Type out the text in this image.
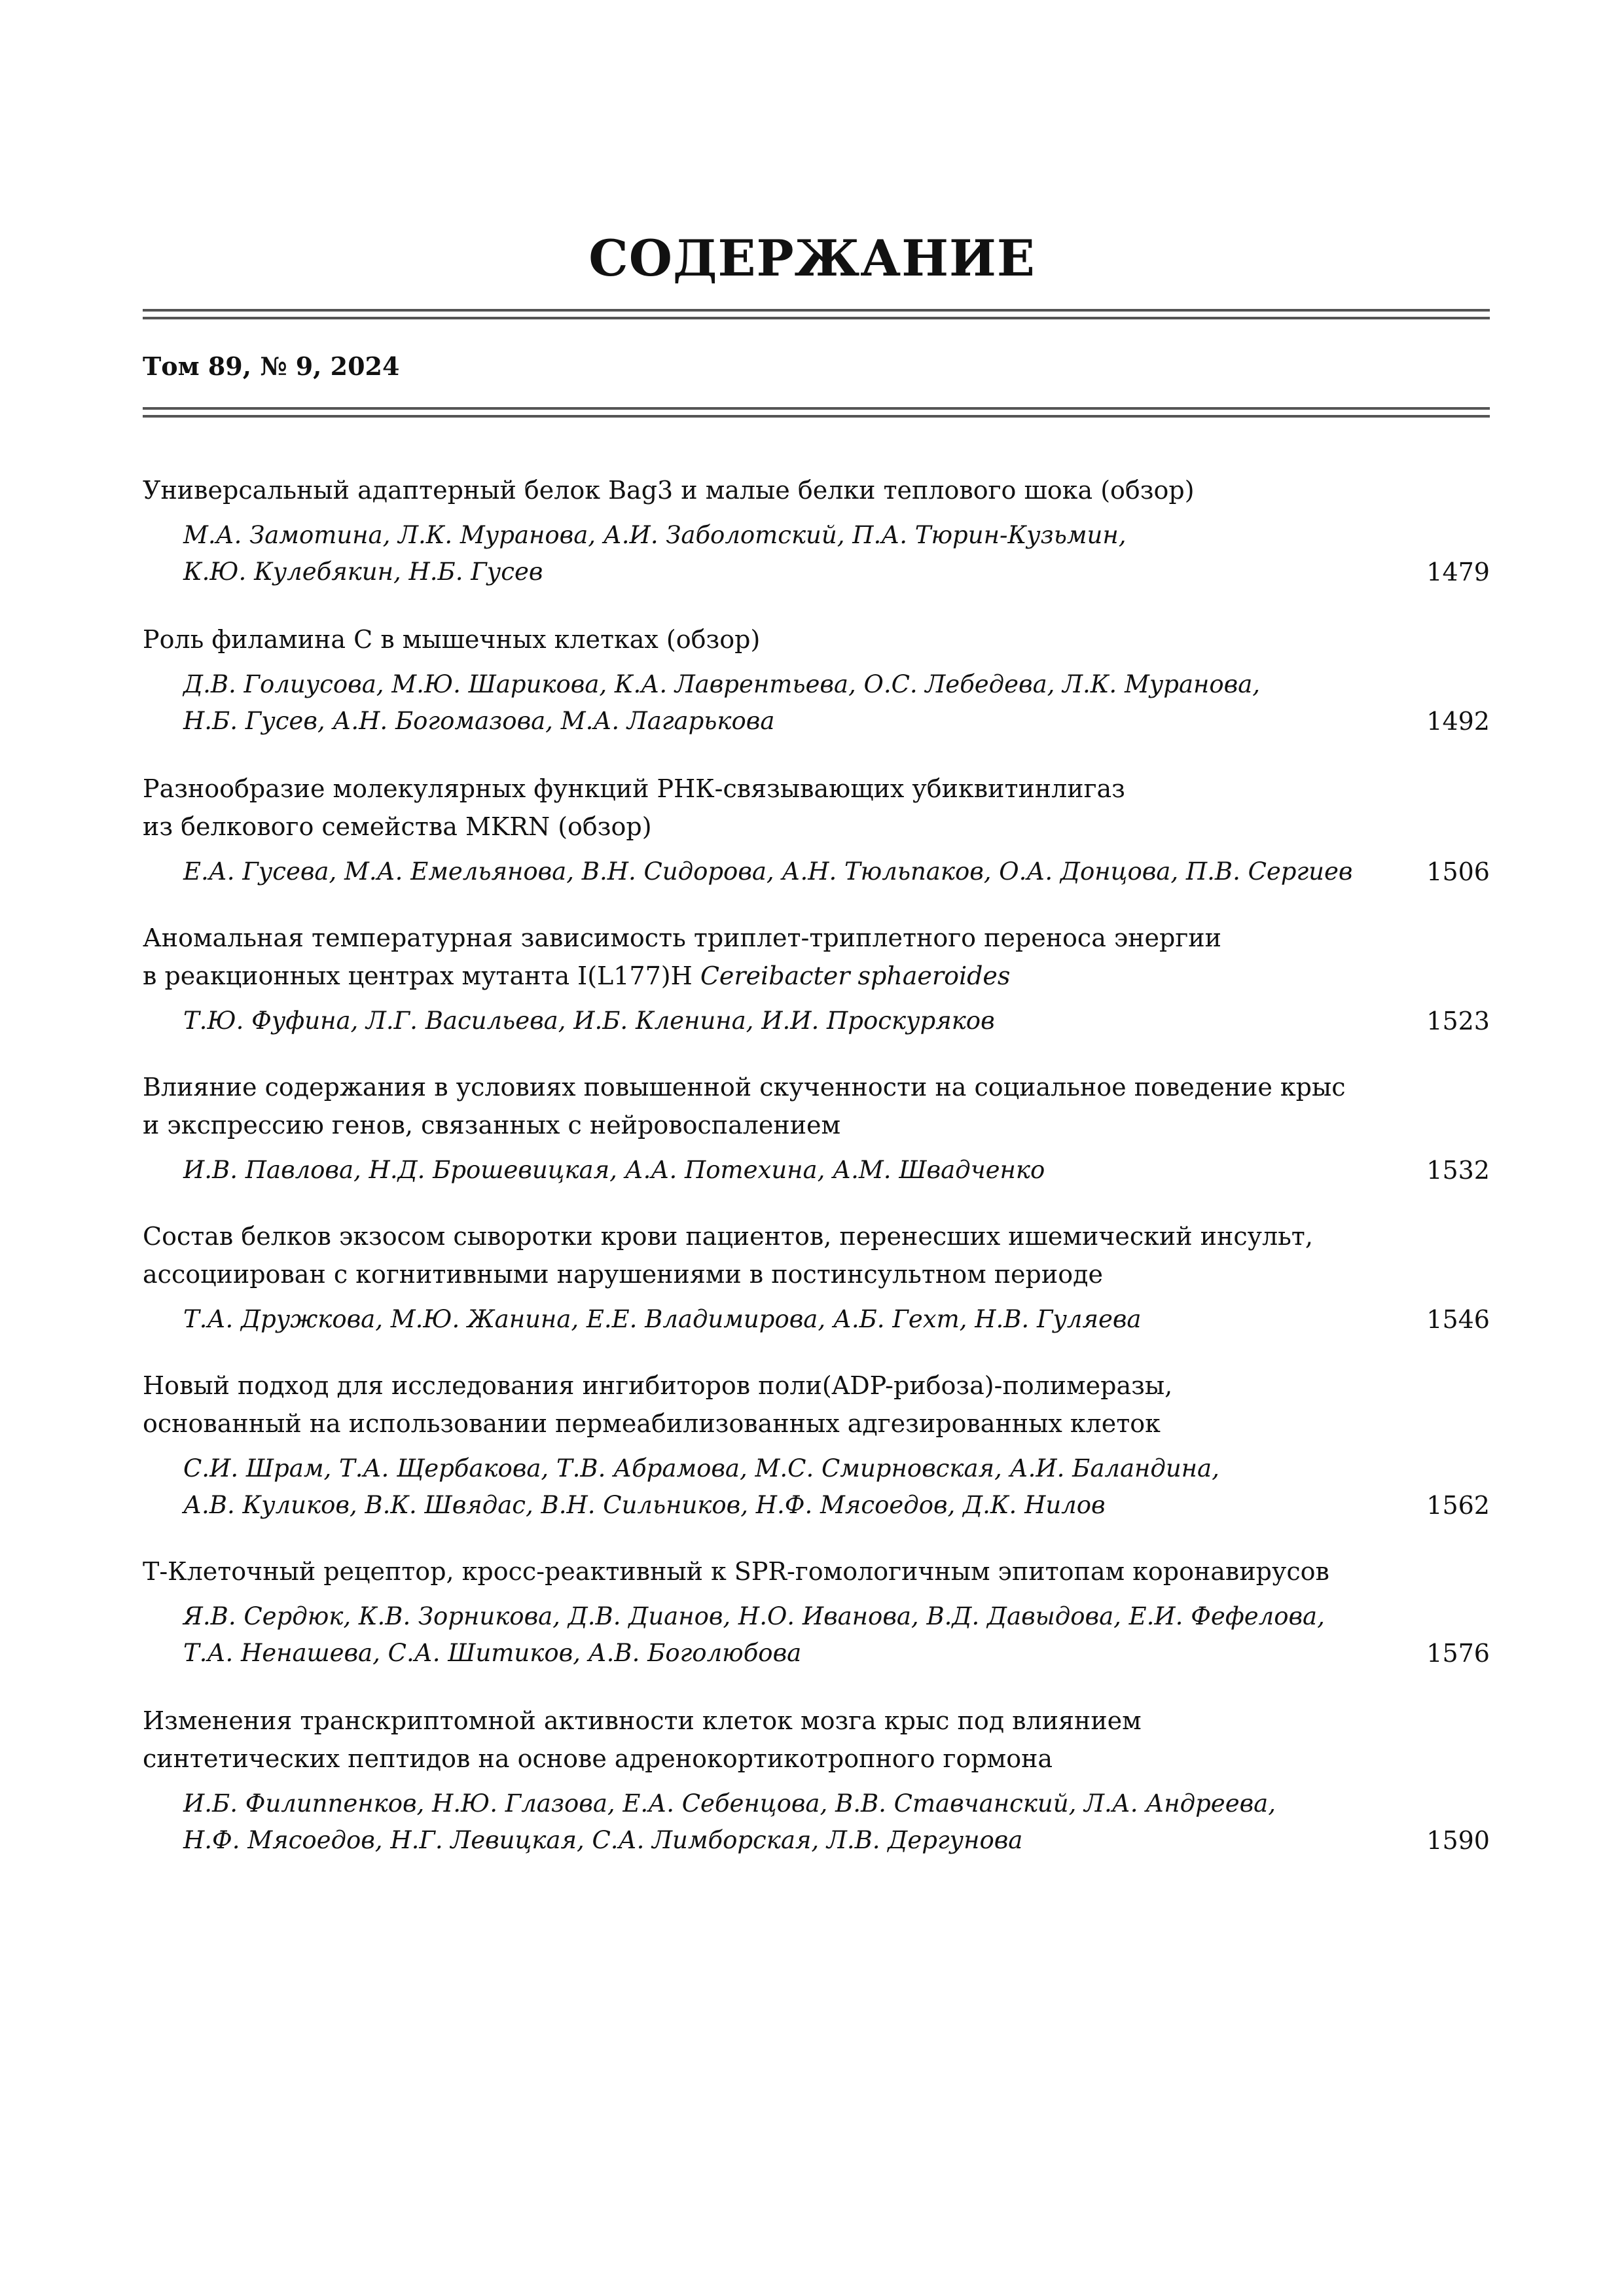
СОДЕРЖАНИЕ
Том 89, № 9, 2024
Универсальный адаптерный белок Bag3 и малые белки теплового шока (обзор)
М.А. Замотина, Л.К. Муранова, А.И. Заболотский, П.А. Тюрин-Кузьмин,
К.Ю. Кулебякин, Н.Б. Гусев	1479
Роль филамина С в мышечных клетках (обзор)
Д.В. Голиусова, М.Ю. Шарикова, К.А. Лаврентьева, О.С. Лебедева, Л.К. Муранова,
Н.Б. Гусев, А.Н. Богомазова, М.А. Лагарькова	1492
Разнообразие молекулярных функций РНК-связывающих убиквитинлигаз
из белкового семейства MKRN (обзор)
Е.А. Гусева, М.А. Емельянова, В.Н. Сидорова, А.Н. Тюльпаков, О.А. Донцова, П.В. Сергиев	1506
Аномальная температурная зависимость триплет-триплетного переноса энергии
в реакционных центрах мутанта I(L177)H Cereibacter sphaeroides
Т.Ю. Фуфина, Л.Г. Васильева, И.Б. Кленина, И.И. Проскуряков	1523
Влияние содержания в условиях повышенной скученности на социальное поведение крыс
и экспрессию генов, связанных с нейровоспалением
И.В. Павлова, Н.Д. Брошевицкая, А.А. Потехина, А.М. Швадченко	1532
Состав белков экзосом сыворотки крови пациентов, перенесших ишемический инсульт,
ассоциирован с когнитивными нарушениями в постинсультном периоде
Т.А. Дружкова, М.Ю. Жанина, Е.Е. Владимирова, А.Б. Гехт, Н.В. Гуляева	1546
Новый подход для исследования ингибиторов поли(ADP-рибоза)-полимеразы,
основанный на использовании пермеабилизованных адгезированных клеток
С.И. Шрам, Т.А. Щербакова, Т.В. Абрамова, М.С. Смирновская, А.И. Баландина,
А.В. Куликов, В.К. Швядас, В.Н. Сильников, Н.Ф. Мясоедов, Д.К. Нилов	1562
Т-Клеточный рецептор, кросс-реактивный к SPR-гомологичным эпитопам коронавирусов
Я.В. Сердюк, К.В. Зорникова, Д.В. Дианов, Н.О. Иванова, В.Д. Давыдова, Е.И. Фефелова,
Т.А. Ненашева, С.А. Шитиков, А.В. Боголюбова	1576
Изменения транскриптомной активности клеток мозга крыс под влиянием
синтетических пептидов на основе адренокортикотропного гормона
И.Б. Филиппенков, Н.Ю. Глазова, Е.А. Себенцова, В.В. Ставчанский, Л.А. Андреева,
Н.Ф. Мясоедов, Н.Г. Левицкая, С.А. Лимборская, Л.В. Дергунова	1590
